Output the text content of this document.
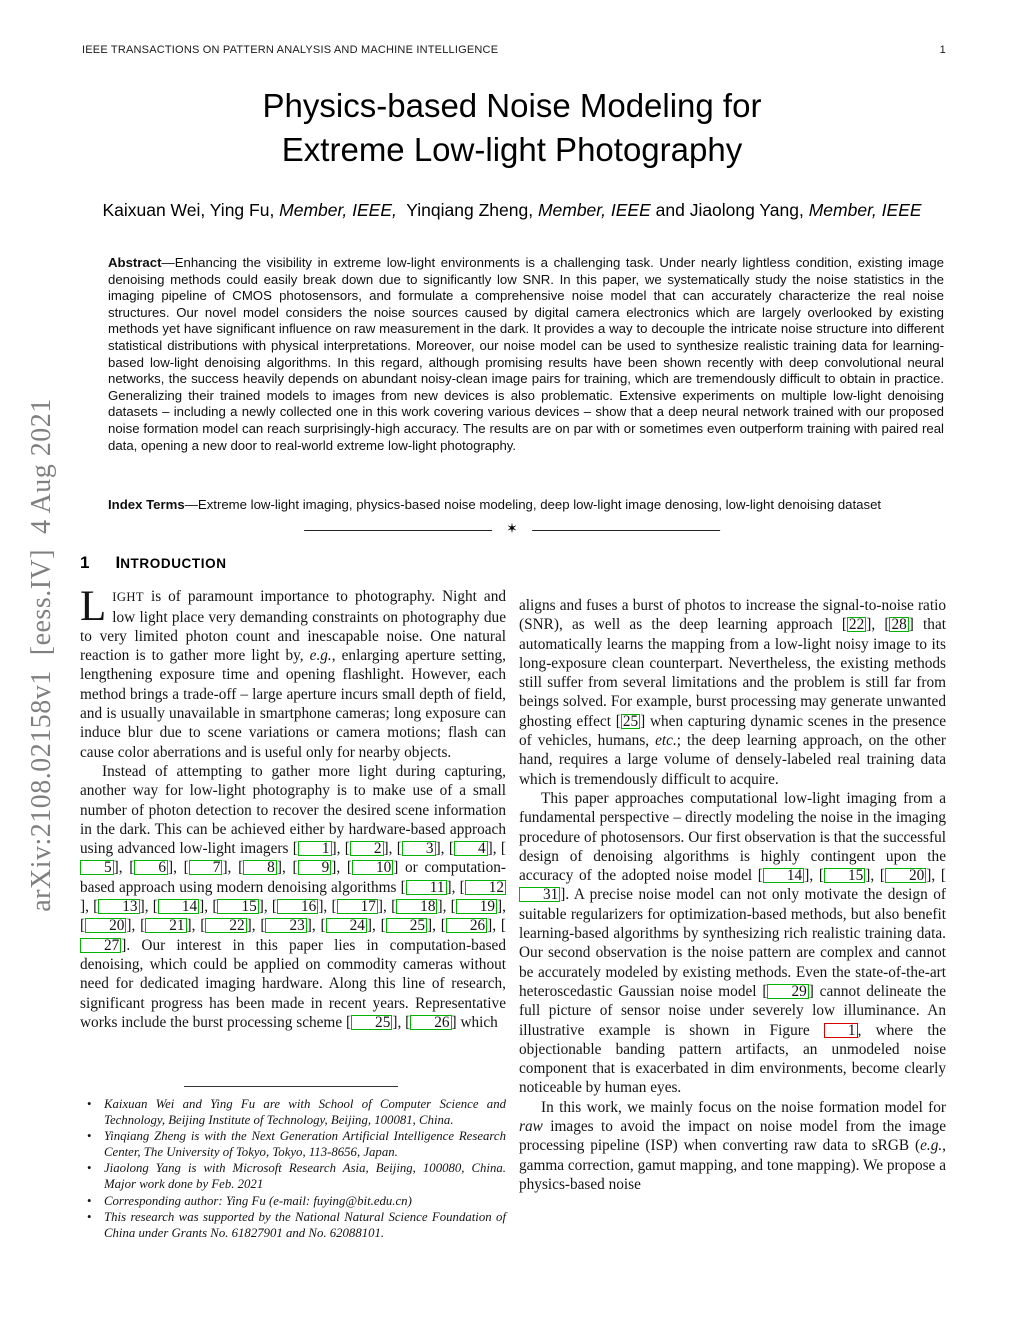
IEEE TRANSACTIONS ON PATTERN ANALYSIS AND MACHINE INTELLIGENCE	1
arXiv:2108.02158v1  [eess.IV]  4 Aug 2021
Physics-based Noise Modeling for
Extreme Low-light Photography
Kaixuan Wei, Ying Fu, Member, IEEE,  Yinqiang Zheng, Member, IEEE and Jiaolong Yang, Member, IEEE
Abstract—Enhancing the visibility in extreme low-light environments is a challenging task. Under nearly lightless condition, existing image denoising methods could easily break down due to significantly low SNR. In this paper, we systematically study the noise statistics in the imaging pipeline of CMOS photosensors, and formulate a comprehensive noise model that can accurately characterize the real noise structures. Our novel model considers the noise sources caused by digital camera electronics which are largely overlooked by existing methods yet have significant influence on raw measurement in the dark. It provides a way to decouple the intricate noise structure into different statistical distributions with physical interpretations. Moreover, our noise model can be used to synthesize realistic training data for learning-based low-light denoising algorithms. In this regard, although promising results have been shown recently with deep convolutional neural networks, the success heavily depends on abundant noisy-clean image pairs for training, which are tremendously difficult to obtain in practice. Generalizing their trained models to images from new devices is also problematic. Extensive experiments on multiple low-light denoising datasets – including a newly collected one in this work covering various devices – show that a deep neural network trained with our proposed noise formation model can reach surprisingly-high accuracy. The results are on par with or sometimes even outperform training with paired real data, opening a new door to real-world extreme low-light photography.
Index Terms—Extreme low-light imaging, physics-based noise modeling, deep low-light image denosing, low-light denoising dataset
✶
1 INTRODUCTION

LIGHT is of paramount importance to photography. Night and low light place very demanding constraints on photography due to very limited photon count and inescapable noise. One natural reaction is to gather more light by, e.g., enlarging aperture setting, lengthening exposure time and opening flashlight. However, each method brings a trade-off – large aperture incurs small depth of field, and is usually unavailable in smartphone cameras; long exposure can induce blur due to scene variations or camera motions; flash can cause color aberrations and is useful only for nearby objects.

Instead of attempting to gather more light during capturing, another way for low-light photography is to make use of a small number of photon detection to recover the desired scene information in the dark. This can be achieved either by hardware-based approach using advanced low-light imagers [ 1 ], [ 2 ], [ 3 ], [ 4 ], [5 ], [ 6 ], [ 7 ], [ 8 ], [ 9 ], [ 10 ] or computation-based approach using modern denoising algorithms [ 11 ], [ 12], [ 13 ], [ 14 ], [ 15 ], [ 16 ], [ 17 ], [ 18 ], [ 19 ], [ 20 ], [ 21 ], [ 22 ], [ 23 ], [ 24 ], [ 25 ], [ 26 ], [27 ]. Our interest in this paper lies in computation-based denoising, which could be applied on commodity cameras without need for dedicated imaging hardware. Along this line of research, significant progress has been made in recent years. Representative works include the burst processing scheme [ 25 ], [ 26 ] which

aligns and fuses a burst of photos to increase the signal-to-noise ratio (SNR), as well as the deep learning approach [ 22 ], [ 28 ] that automatically learns the mapping from a low-light noisy image to its long-exposure clean counterpart. Nevertheless, the existing methods still suffer from several limitations and the problem is still far from beings solved. For example, burst processing may generate unwanted ghosting effect [ 25 ] when capturing dynamic scenes in the presence of vehicles, humans, etc.; the deep learning approach, on the other hand, requires a large volume of densely-labeled real training data which is tremendously difficult to acquire.

This paper approaches computational low-light imaging from a fundamental perspective – directly modeling the noise in the imaging procedure of photosensors. Our first observation is that the successful design of denoising algorithms is highly contingent upon the accuracy of the adopted noise model [ 14 ], [ 15 ], [ 20 ], [31 ]. A precise noise model can not only motivate the design of suitable regularizers for optimization-based methods, but also benefit learning-based algorithms by synthesizing rich realistic training data. Our second observation is the noise pattern are complex and cannot be accurately modeled by existing methods. Even the state-of-the-art heteroscedastic Gaussian noise model [ 29 ] cannot delineate the full picture of sensor noise under severely low illuminance. An illustrative example is shown in Figure 1 , where the objectionable banding pattern artifacts, an unmodeled noise component that is exacerbated in dim environments, become clearly noticeable by human eyes.

In this work, we mainly focus on the noise formation model for raw images to avoid the impact on noise model from the image processing pipeline (ISP) when converting raw data to sRGB (e.g., gamma correction, gamut mapping, and tone mapping). We propose a physics-based noise

• Kaixuan Wei and Ying Fu are with School of Computer Science and Technology, Beijing Institute of Technology, Beijing, 100081, China.
• Yinqiang Zheng is with the Next Generation Artificial Intelligence Research Center, The University of Tokyo, Tokyo, 113-8656, Japan.
• Jiaolong Yang is with Microsoft Research Asia, Beijing, 100080, China. Major work done by Feb. 2021
• Corresponding author: Ying Fu (e-mail: fuying@bit.edu.cn)
• This research was supported by the National Natural Science Foundation of China under Grants No. 61827901 and No. 62088101.
